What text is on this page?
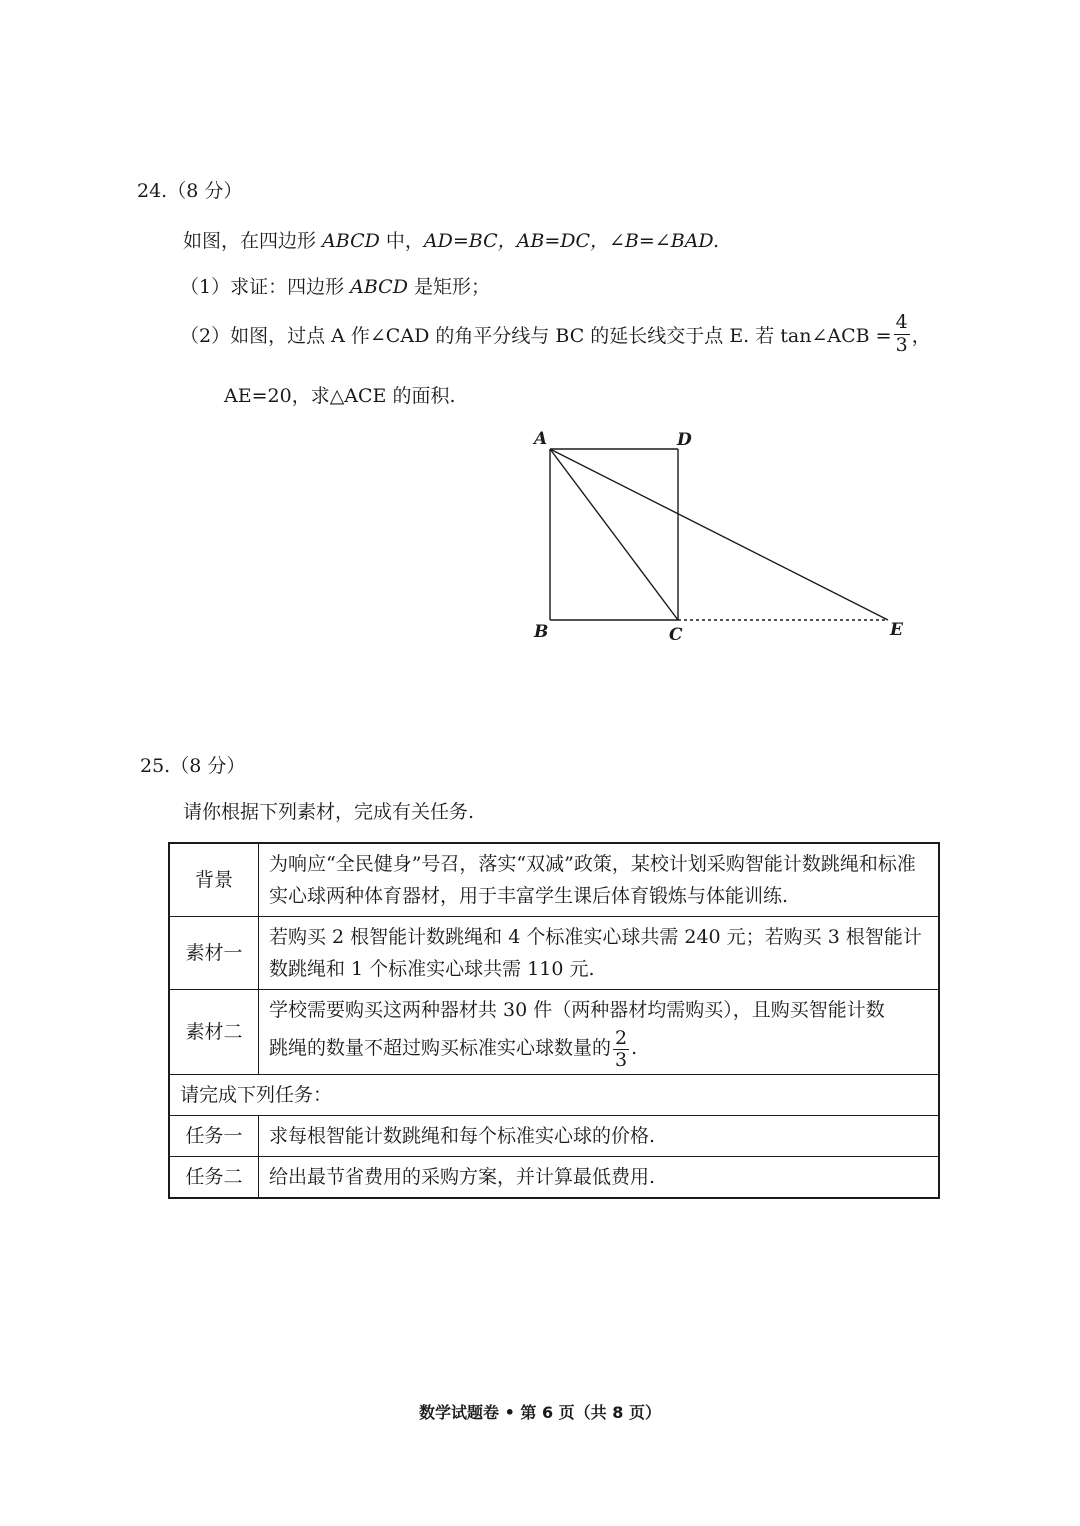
24.（8 分）
如图，在四边形 ABCD 中，AD=BC，AB=DC，∠B=∠BAD.
（1）求证：四边形 ABCD 是矩形；
（2）如图，过点 A 作∠CAD 的角平分线与 BC 的延长线交于点 E. 若 tan∠ACB = $\frac{4}{3}$ ，
AE=20，求△ACE 的面积.
A	D
B	C	E
25.（8 分）
请你根据下列素材，完成有关任务.
背景	为响应“全民健身”号召，落实“双减”政策，某校计划采购智能计数跳绳和标准实心球两种体育器材，用于丰富学生课后体育锻炼与体能训练.
素材一	若购买 2 根智能计数跳绳和 4 个标准实心球共需 240 元；若购买 3 根智能计数跳绳和 1 个标准实心球共需 110 元.
素材二	学校需要购买这两种器材共 30 件（两种器材均需购买），且购买智能计数
跳绳的数量不超过购买标准实心球数量的 $\frac{2}{3}$ .

请完成下列任务：	
任务一	求每根智能计数跳绳和每个标准实心球的价格.
任务二	给出最节省费用的采购方案，并计算最低费用.
数学试题卷 • 第 6 页（共 8 页）
